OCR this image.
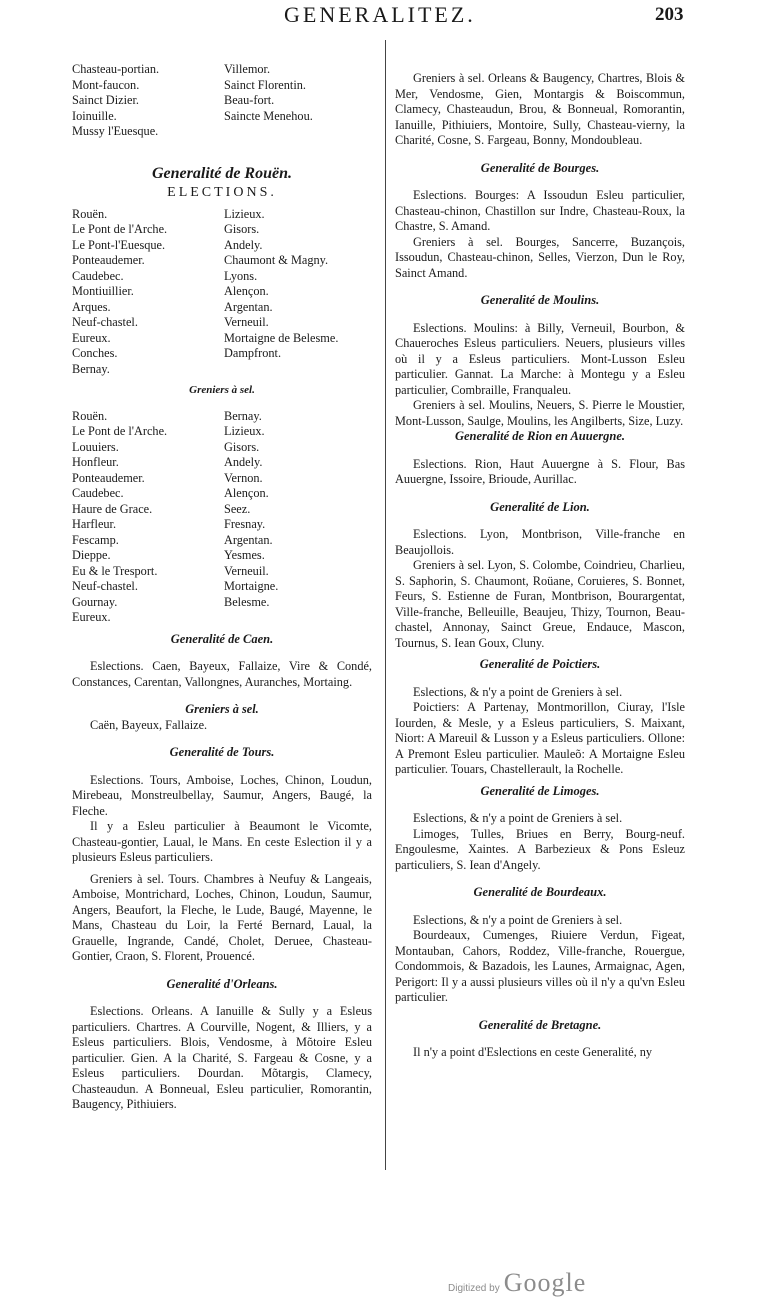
GENERALITEZ.	203
Chasteau-portian.	Villemor.
Mont-faucon.	Sainct Florentin.
Sainct Dizier.	Beau-fort.
Ioinuille.	Saincte Menehou.
Mussy l'Euesque.
Generalité de Rouën.
ELECTIONS.
Rouën.	Lizieux.
Le Pont de l'Arche.	Gisors.
Le Pont-l'Euesque.	Andely.
Ponteaudemer.	Chaumont & Magny.
Caudebec.	Lyons.
Montiuillier.	Alençon.
Arques.	Argentan.
Neuf-chastel.	Verneuil.
Eureux.	Mortaigne de Belesme.
Conches.	Dampfront.
Bernay.
Greniers à sel.
Rouën.	Bernay.
Le Pont de l'Arche.	Lizieux.
Louuiers.	Gisors.
Honfleur.	Andely.
Ponteaudemer.	Vernon.
Caudebec.	Alençon.
Haure de Grace.	Seez.
Harfleur.	Fresnay.
Fescamp.	Argentan.
Dieppe.	Yesmes.
Eu & le Tresport.	Verneuil.
Neuf-chastel.	Mortaigne.
Gournay.	Belesme.
Eureux.
Generalité de Caen.
Eslections. Caen, Bayeux, Fallaize, Vire & Condé, Constances, Carentan, Vallongnes, Auranches, Mortaing.
Greniers à sel.
Caën, Bayeux, Fallaize.
Generalité de Tours.
Eslections. Tours, Amboise, Loches, Chinon, Loudun, Mirebeau, Monstreulbellay, Saumur, Angers, Baugé, la Fleche.
Il y a Esleu particulier à Beaumont le Vicomte, Chasteau-gontier, Laual, le Mans. En ceste Eslection il y a plusieurs Esleus particuliers.
Greniers à sel. Tours. Chambres à Neufuy & Langeais, Amboise, Montrichard, Loches, Chinon, Loudun, Saumur, Angers, Beaufort, la Fleche, le Lude, Baugé, Mayenne, le Mans, Chasteau du Loir, la Ferté Bernard, Laual, la Grauelle, Ingrande, Candé, Cholet, Deruee, Chasteau-Gontier, Craon, S. Florent, Prouencé.
Generalité d'Orleans.
Eslections. Orleans. A Ianuille & Sully y a Esleus particuliers. Chartres. A Courville, Nogent, & Illiers, y a Esleus particuliers. Blois, Vendosme, à Mõtoire Esleu particulier. Gien. A la Charité, S. Fargeau & Cosne, y a Esleus particuliers. Dourdan. Mõtargis, Clamecy, Chasteaudun. A Bonneual, Esleu particulier, Romorantin, Baugency, Pithiuiers.
Greniers à sel. Orleans & Baugency, Chartres, Blois & Mer, Vendosme, Gien, Montargis & Boiscommun, Clamecy, Chasteaudun, Brou, & Bonneual, Romorantin, Ianuille, Pithiuiers, Montoire, Sully, Chasteau-vierny, la Charité, Cosne, S. Fargeau, Bonny, Mondoubleau.
Generalité de Bourges.
Eslections. Bourges: A Issoudun Esleu particulier, Chasteau-chinon, Chastillon sur Indre, Chasteau-Roux, la Chastre, S. Amand.
Greniers à sel. Bourges, Sancerre, Buzançois, Issoudun, Chasteau-chinon, Selles, Vierzon, Dun le Roy, Sainct Amand.
Generalité de Moulins.
Eslections. Moulins: à Billy, Verneuil, Bourbon, & Chaueroches Esleus particuliers. Neuers, plusieurs villes où il y a Esleus particuliers. Mont-Lusson Esleu particulier. Gannat. La Marche: à Montegu y a Esleu particulier, Combraille, Franqualeu.
Greniers à sel. Moulins, Neuers, S. Pierre le Moustier, Mont-Lusson, Saulge, Moulins, les Angilberts, Size, Luzy.
Generalité de Rion en Auuergne.
Eslections. Rion, Haut Auuergne à S. Flour, Bas Auuergne, Issoire, Brioude, Aurillac.
Generalité de Lion.
Eslections. Lyon, Montbrison, Ville-franche en Beaujollois.
Greniers à sel. Lyon, S. Colombe, Coindrieu, Charlieu, S. Saphorin, S. Chaumont, Roüane, Coruieres, S. Bonnet, Feurs, S. Estienne de Furan, Montbrison, Bourargentat, Ville-franche, Belleuille, Beaujeu, Thizy, Tournon, Beau-chastel, Annonay, Sainct Greue, Endauce, Mascon, Tournus, S. Iean Goux, Cluny.
Generalité de Poictiers.
Eslections, & n'y a point de Greniers à sel.
Poictiers: A Partenay, Montmorillon, Ciuray, l'Isle Iourden, & Mesle, y a Esleus particuliers, S. Maixant, Niort: A Mareuil & Lusson y a Esleus particuliers. Ollone: A Premont Esleu particulier. Mauleõ: A Mortaigne Esleu particulier. Touars, Chastellerault, la Rochelle.
Generalité de Limoges.
Eslections, & n'y a point de Greniers à sel.
Limoges, Tulles, Briues en Berry, Bourg-neuf. Engoulesme, Xaintes. A Barbezieux & Pons Esleuz particuliers, S. Iean d'Angely.
Generalité de Bourdeaux.
Eslections, & n'y a point de Greniers à sel.
Bourdeaux, Cumenges, Riuiere Verdun, Figeat, Montauban, Cahors, Roddez, Ville-franche, Rouergue, Condommois, & Bazadois, les Launes, Armaignac, Agen, Perigort: Il y a aussi plusieurs villes où il n'y a qu'vn Esleu particulier.
Generalité de Bretagne.
Il n'y a point d'Eslections en ceste Generalité, ny
Digitized by Google
